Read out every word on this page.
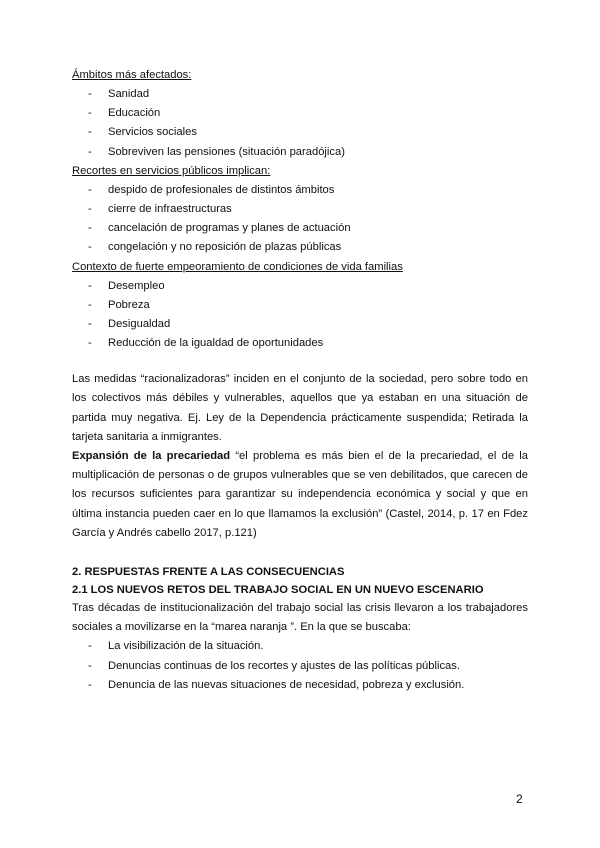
Ámbitos más afectados:
- Sanidad
- Educación
- Servicios sociales
- Sobreviven las pensiones (situación paradójica)
Recortes en servicios públicos implican:
- despido de profesionales de distintos ámbitos
- cierre de infraestructuras
- cancelación de programas y planes de actuación
- congelación y no reposición de plazas públicas
Contexto de fuerte empeoramiento de condiciones de vida familias
- Desempleo
- Pobreza
- Desigualdad
- Reducción de la igualdad de oportunidades

Las medidas “racionalizadoras” inciden en el conjunto de la sociedad, pero sobre todo en los colectivos más débiles y vulnerables, aquellos que ya estaban en una situación de partida muy negativa. Ej. Ley de la Dependencia prácticamente suspendida; Retirada la tarjeta sanitaria a inmigrantes.

Expansión de la precariedad “el problema es más bien el de la precariedad, el de la multiplicación de personas o de grupos vulnerables que se ven debilitados, que carecen de los recursos suficientes para garantizar su independencia económica y social y que en última instancia pueden caer en lo que llamamos la exclusión” (Castel, 2014, p. 17 en Fdez García y Andrés cabello 2017, p.121)

2. RESPUESTAS FRENTE A LAS CONSECUENCIAS
2.1 LOS NUEVOS RETOS DEL TRABAJO SOCIAL EN UN NUEVO ESCENARIO

Tras décadas de institucionalización del trabajo social las crisis llevaron a los trabajadores sociales a movilizarse en la “marea naranja ”. En la que se buscaba:

- La visibilización de la situación.
- Denuncias continuas de los recortes y ajustes de las políticas públicas.
- Denuncia de las nuevas situaciones de necesidad, pobreza y exclusión.
2
